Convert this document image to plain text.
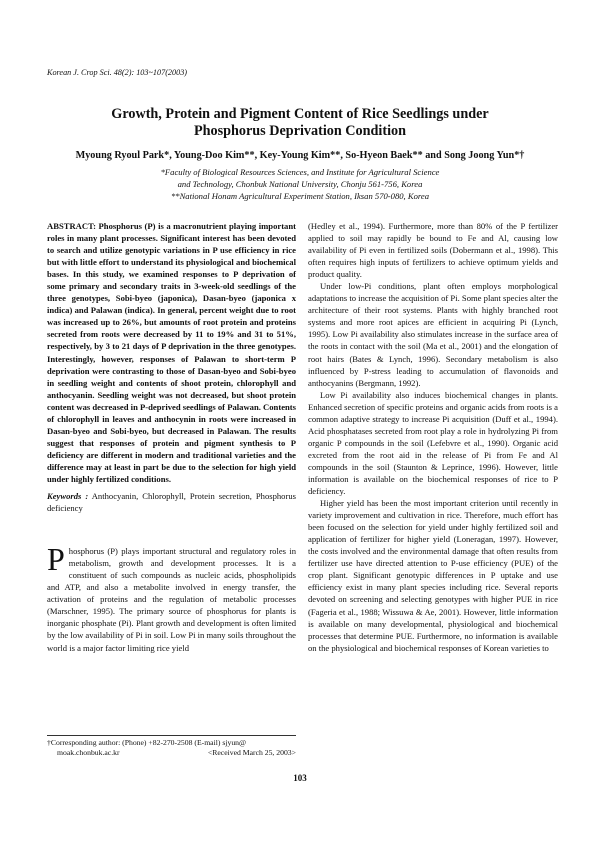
Korean J. Crop Sci. 48(2): 103~107(2003)
Growth, Protein and Pigment Content of Rice Seedlings under
Phosphorus Deprivation Condition
Myoung Ryoul Park*, Young-Doo Kim**, Key-Young Kim**, So-Hyeon Baek** and Song Joong Yun*†
*Faculty of Biological Resources Sciences, and Institute for Agricultural Science
and Technology, Chonbuk National University, Chonju 561-756, Korea
**National Honam Agricultural Experiment Station, Iksan 570-080, Korea

ABSTRACT: Phosphorus (P) is a macronutrient playing important roles in many plant processes. Significant interest has been devoted to search and utilize genotypic variations in P use efficiency in rice but with little effort to understand its physiological and biochemical bases. In this study, we examined responses to P deprivation of some primary and secondary traits in 3-week-old seedlings of the three genotypes, Sobi-byeo (japonica), Dasan-byeo (japonica x indica) and Palawan (indica). In general, percent weight due to root was increased up to 26%, but amounts of root protein and proteins secreted from roots were decreased by 11 to 19% and 31 to 51%, respectively, by 3 to 21 days of P deprivation in the three genotypes. Interestingly, however, responses of Palawan to short-term P deprivation were contrasting to those of Dasan-byeo and Sobi-byeo in seedling weight and contents of shoot protein, chlorophyll and anthocyanin. Seedling weight was not decreased, but shoot protein content was decreased in P-deprived seedlings of Palawan. Contents of chlorophyll in leaves and anthocynin in roots were increased in Dasan-byeo and Sobi-byeo, but decreased in Palawan. The results suggest that responses of protein and pigment synthesis to P deficiency are different in modern and traditional varieties and the difference may at least in part be due to the selection for high yield under highly fertilized conditions.

Keywords : Anthocyanin, Chlorophyll, Protein secretion, Phosphorus deficiency

Phosphorus (P) plays important structural and regulatory roles in metabolism, growth and development processes. It is a constituent of such compounds as nucleic acids, phospholipids and ATP, and also a metabolite involved in energy transfer, the activation of proteins and the regulation of metabolic processes (Marschner, 1995). The primary source of phosphorus for plants is inorganic phosphate (Pi). Plant growth and development is often limited by the low availability of Pi in soil. Low Pi in many soils throughout the world is a major factor limiting rice yield

(Hedley et al., 1994). Furthermore, more than 80% of the P fertilizer applied to soil may rapidly be bound to Fe and Al, causing low availability of Pi even in fertilized soils (Dobermann et al., 1998). This often requires high inputs of fertilizers to achieve optimum yields and product quality.

Under low-Pi conditions, plant often employs morphological adaptations to increase the acquisition of Pi. Some plant species alter the architecture of their root systems. Plants with highly branched root systems and more root apices are efficient in acquiring Pi (Lynch, 1995). Low Pi availability also stimulates increase in the surface area of the roots in contact with the soil (Ma et al., 2001) and the elongation of root hairs (Bates & Lynch, 1996). Secondary metabolism is also influenced by P-stress leading to accumulation of flavonoids and anthocyanins (Bergmann, 1992).

Low Pi availability also induces biochemical changes in plants. Enhanced secretion of specific proteins and organic acids from roots is a common adaptive strategy to increase Pi acquisition (Duff et al., 1994). Acid phosphatases secreted from root play a role in hydrolyzing Pi from organic P compounds in the soil (Lefebvre et al., 1990). Organic acid excreted from the root aid in the release of Pi from Fe and Al compounds in the soil (Staunton & Leprince, 1996). However, little information is available on the biochemical responses of rice to P deficiency.

Higher yield has been the most important criterion until recently in variety improvement and cultivation in rice. Therefore, much effort has been focused on the selection for yield under highly fertilized soil and application of fertilizer for higher yield (Loneragan, 1997). However, the costs involved and the environmental damage that often results from fertilizer use have directed attention to P-use efficiency (PUE) of the crop plant. Significant genotypic differences in P uptake and use efficiency exist in many plant species including rice. Several reports devoted on screening and selecting genotypes with higher PUE in rice (Fageria et al., 1988; Wissuwa & Ae, 2001). However, little information is available on many developmental, physiological and biochemical processes that determine PUE. Furthermore, no information is available on the physiological and biochemical responses of Korean varieties to

†Corresponding author: (Phone) +82-270-2508 (E-mail) sjyun@
moak.chonbuk.ac.kr	<Received March 25, 2003>
103
